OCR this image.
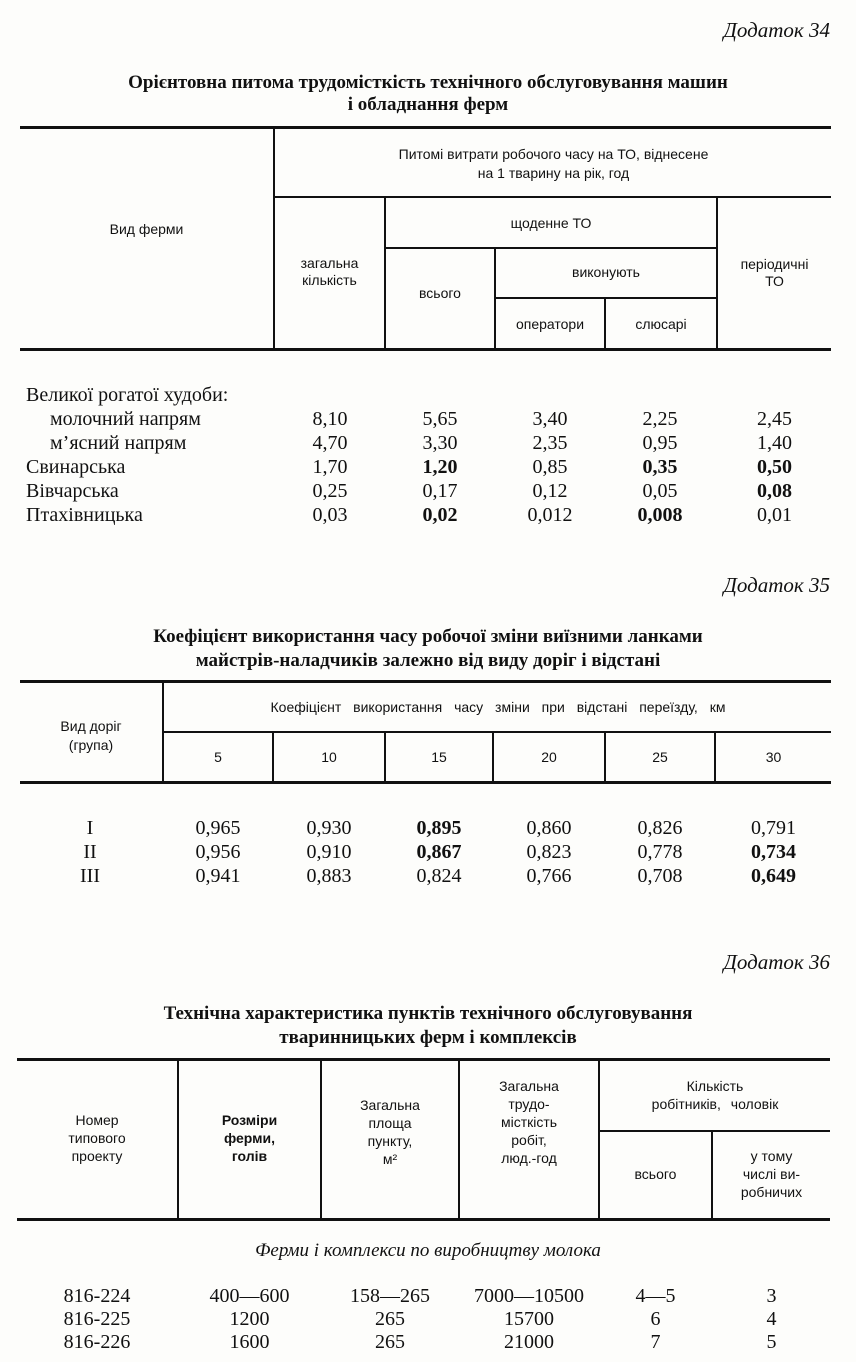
Додаток 34
Орієнтовна питома трудомісткість технічного обслуговування машин
і обладнання ферм
Вид ферми
Питомі витрати робочого часу на ТО, віднесене
на 1 тварину на рік, год
загальна
кількість
щоденне ТО
всього
виконують
оператори	слюсарі
періодичні
ТО
Великої рогатої худоби:
молочний напрям	8,10	5,65	3,40	2,25	2,45
м’ясний напрям	4,70	3,30	2,35	0,95	1,40
Свинарська	1,70	1,20	0,85	0,35	0,50
Вівчарська	0,25	0,17	0,12	0,05	0,08
Птахівницька	0,03	0,02	0,012	0,008	0,01
Додаток 35
Коефіцієнт використання часу робочої зміни виїзними ланками
майстрів-наладчиків залежно від виду доріг і відстані
Вид доріг
(група)
Коефіцієнт використання часу зміни при відстані переїзду, км
5	10	15	20	25	30
I	0,965	0,930	0,895	0,860	0,826	0,791
II	0,956	0,910	0,867	0,823	0,778	0,734
III	0,941	0,883	0,824	0,766	0,708	0,649
Додаток 36
Технічна характеристика пунктів технічного обслуговування
тваринницьких ферм і комплексів
Номер
типового
проекту
Розміри
ферми,
голів
Загальна
площа
пункту,
м²
Загальна
трудо-
місткість
робіт,
люд.-год
Кількість
робітників, чоловік
всього
у тому
числі ви-
робничих
Ферми і комплекси по виробництву молока
816-224	400—600	158—265	7000—10500	4—5	3
816-225	1200	265	15700	6	4
816-226	1600	265	21000	7	5
